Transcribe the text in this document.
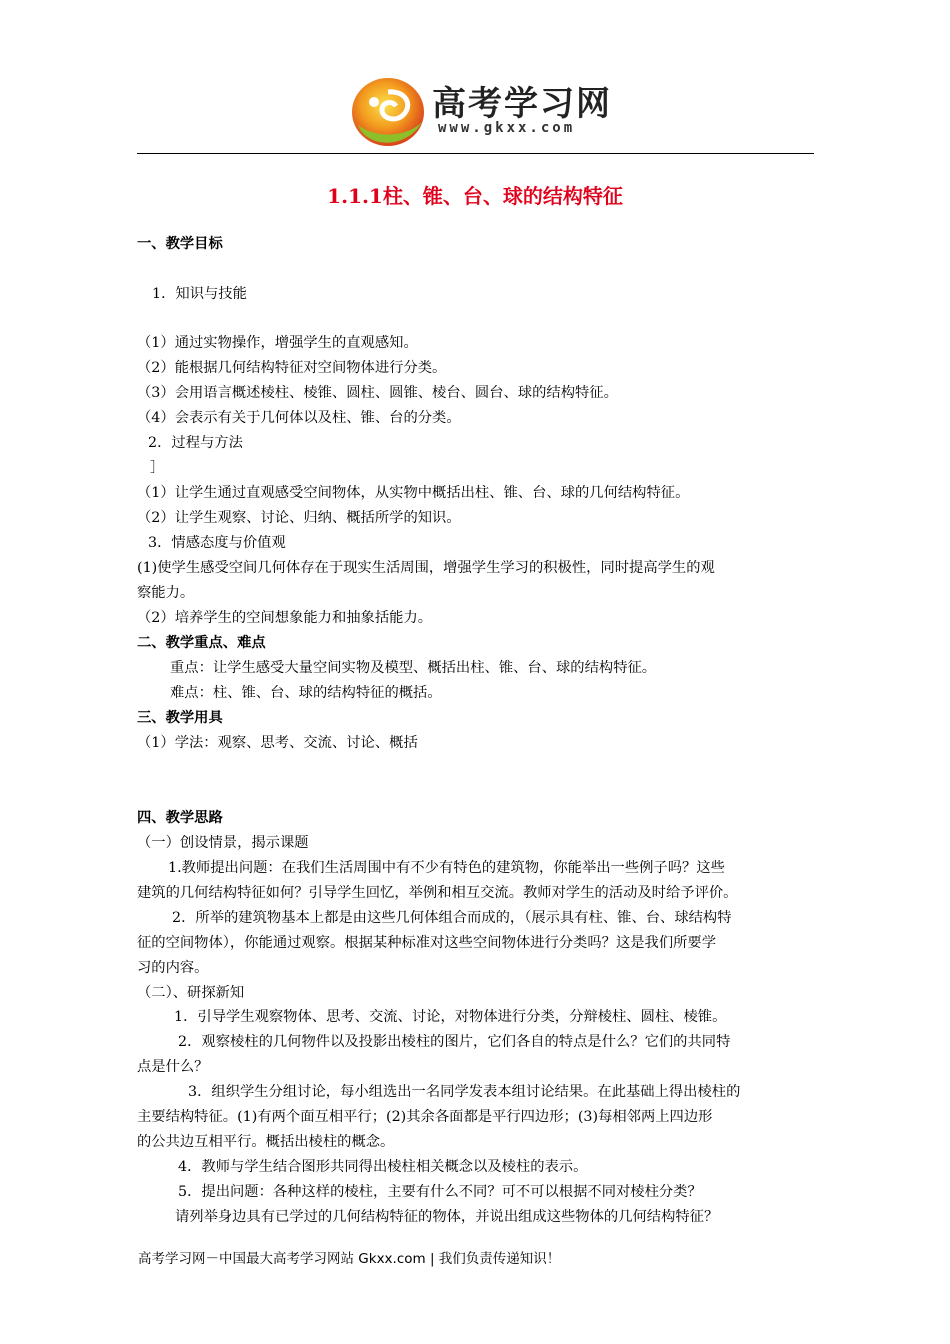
高考学习网
www.gkxx.com
1.1.1柱、锥、台、球的结构特征
一、教学目标
1．知识与技能
（1）通过实物操作，增强学生的直观感知。
（2）能根据几何结构特征对空间物体进行分类。
（3）会用语言概述棱柱、棱锥、圆柱、圆锥、棱台、圆台、球的结构特征。
（4）会表示有关于几何体以及柱、锥、台的分类。
2．过程与方法
］
（1）让学生通过直观感受空间物体，从实物中概括出柱、锥、台、球的几何结构特征。
（2）让学生观察、讨论、归纳、概括所学的知识。
3．情感态度与价值观
(1)使学生感受空间几何体存在于现实生活周围，增强学生学习的积极性，同时提高学生的观
察能力。
（2）培养学生的空间想象能力和抽象括能力。
二、教学重点、难点
重点：让学生感受大量空间实物及模型、概括出柱、锥、台、球的结构特征。
难点：柱、锥、台、球的结构特征的概括。
三、教学用具
（1）学法：观察、思考、交流、讨论、概括
四、教学思路
（一）创设情景，揭示课题
1.教师提出问题：在我们生活周围中有不少有特色的建筑物，你能举出一些例子吗？这些
建筑的几何结构特征如何？引导学生回忆，举例和相互交流。教师对学生的活动及时给予评价。
2．所举的建筑物基本上都是由这些几何体组合而成的，（展示具有柱、锥、台、球结构特
征的空间物体），你能通过观察。根据某种标准对这些空间物体进行分类吗？这是我们所要学
习的内容。
（二）、研探新知
1．引导学生观察物体、思考、交流、讨论，对物体进行分类，分辩棱柱、圆柱、棱锥。
2．观察棱柱的几何物件以及投影出棱柱的图片，它们各自的特点是什么？它们的共同特
点是什么？
3．组织学生分组讨论，每小组选出一名同学发表本组讨论结果。在此基础上得出棱柱的
主要结构特征。(1)有两个面互相平行；(2)其余各面都是平行四边形；(3)每相邻两上四边形
的公共边互相平行。概括出棱柱的概念。
4．教师与学生结合图形共同得出棱柱相关概念以及棱柱的表示。
5．提出问题：各种这样的棱柱，主要有什么不同？可不可以根据不同对棱柱分类？
请列举身边具有已学过的几何结构特征的物体，并说出组成这些物体的几何结构特征？
高考学习网－中国最大高考学习网站 Gkxx.com | 我们负责传递知识！
